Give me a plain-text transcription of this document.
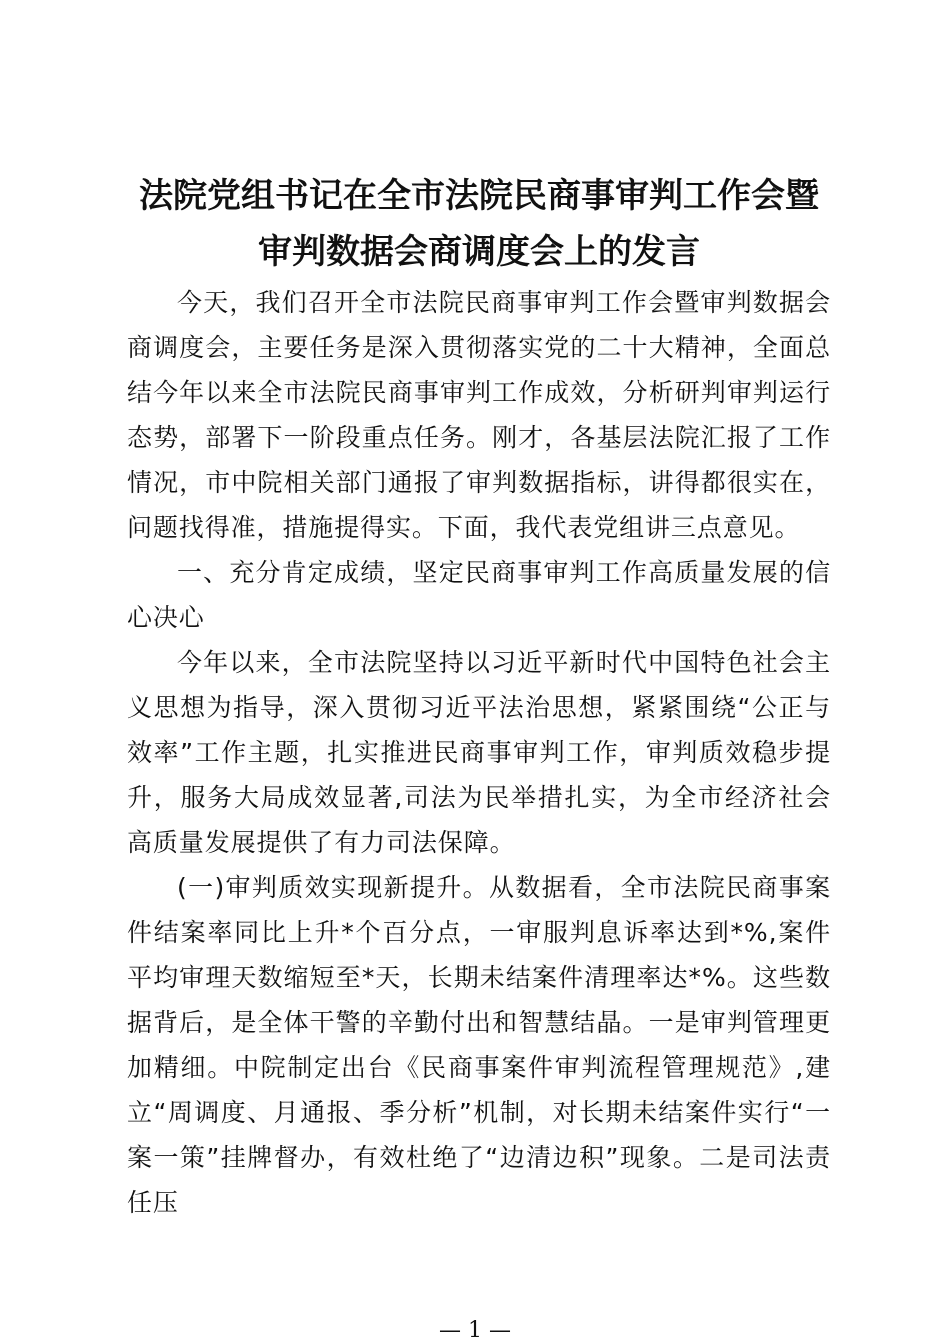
法院党组书记在全市法院民商事审判工作会暨
审判数据会商调度会上的发言

今天，我们召开全市法院民商事审判工作会暨审判数据会商调度会，主要任务是深入贯彻落实党的二十大精神，全面总结今年以来全市法院民商事审判工作成效，分析研判审判运行态势，部署下一阶段重点任务。刚才，各基层法院汇报了工作情况，市中院相关部门通报了审判数据指标，讲得都很实在，问题找得准，措施提得实。下面，我代表党组讲三点意见。

一、充分肯定成绩，坚定民商事审判工作高质量发展的信心决心

今年以来，全市法院坚持以习近平新时代中国特色社会主义思想为指导，深入贯彻习近平法治思想，紧紧围绕“公正与效率”工作主题，扎实推进民商事审判工作，审判质效稳步提升，服务大局成效显著,司法为民举措扎实，为全市经济社会高质量发展提供了有力司法保障。

(一)审判质效实现新提升。从数据看，全市法院民商事案件结案率同比上升*个百分点，一审服判息诉率达到*%,案件平均审理天数缩短至*天，长期未结案件清理率达*%。这些数据背后，是全体干警的辛勤付出和智慧结晶。一是审判管理更加精细。中院制定出台《民商事案件审判流程管理规范》,建立“周调度、月通报、季分析”机制，对长期未结案件实行“一案一策”挂牌督办，有效杜绝了“边清边积”现象。二是司法责任压

— 1 —
